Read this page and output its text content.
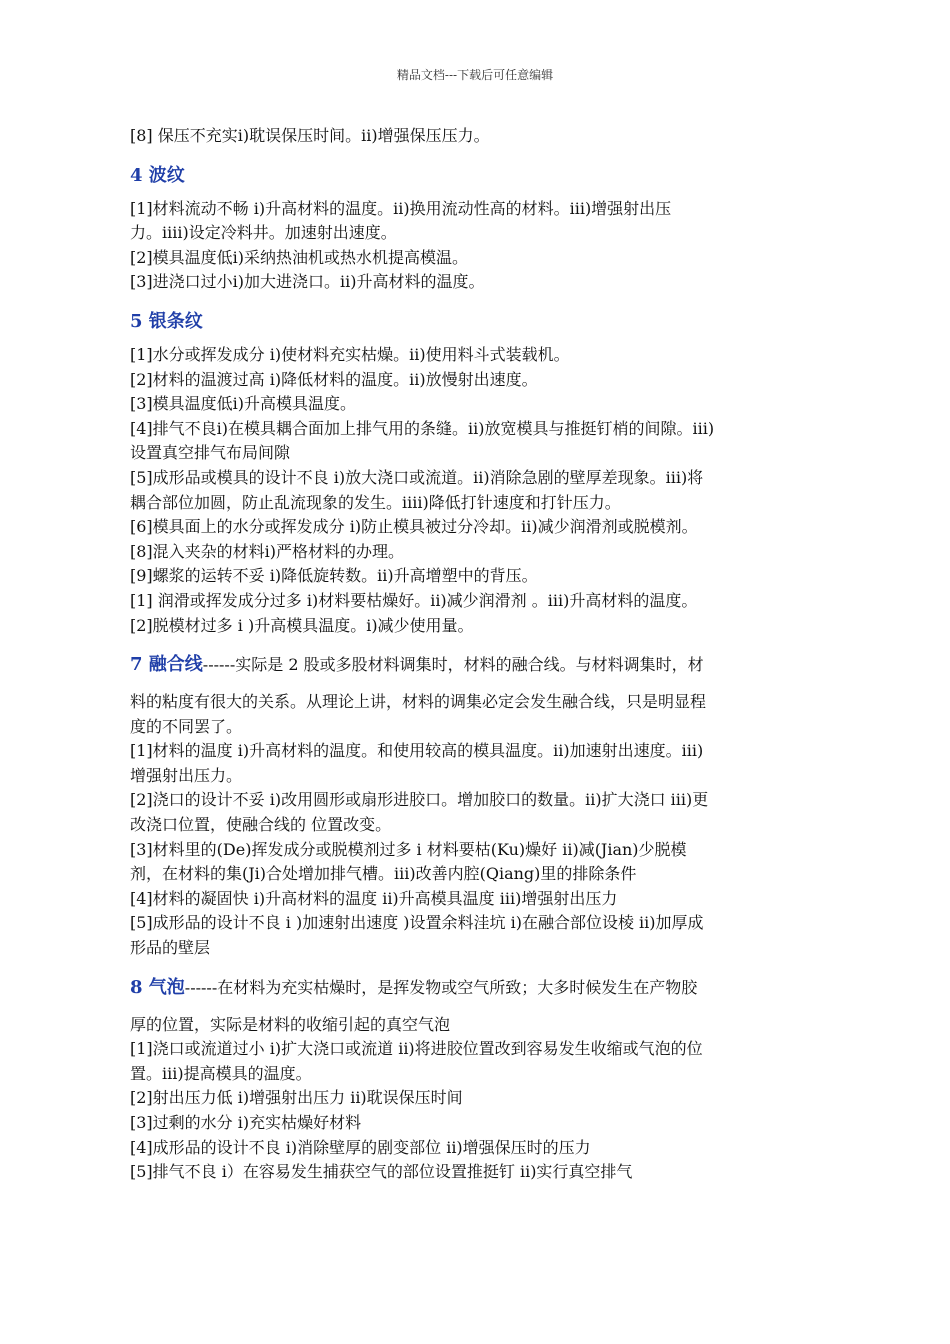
精品文档---下载后可任意编辑
[8] 保压不充实i)耽误保压时间。ii)增强保压压力。
4 波纹
[1]材料流动不畅 i)升高材料的温度。ii)换用流动性高的材料。iii)增强射出压
力。iiii)设定冷料井。加速射出速度。
[2]模具温度低i)采纳热油机或热水机提高模温。
[3]进浇口过小i)加大进浇口。ii)升高材料的温度。
5 银条纹
[1]水分或挥发成分 i)使材料充实枯燥。ii)使用料斗式装载机。
[2]材料的温渡过高 i)降低材料的温度。ii)放慢射出速度。
[3]模具温度低i)升高模具温度。
[4]排气不良i)在模具耦合面加上排气用的条缝。ii)放宽模具与推挺钉梢的间隙。iii)
设置真空排气布局间隙
[5]成形品或模具的设计不良 i)放大浇口或流道。ii)消除急剧的壁厚差现象。iii)将
耦合部位加圆，防止乱流现象的发生。iiii)降低打针速度和打针压力。
[6]模具面上的水分或挥发成分 i)防止模具被过分冷却。ii)减少润滑剂或脱模剂。
[8]混入夹杂的材料i)严格材料的办理。
[9]螺浆的运转不妥 i)降低旋转数。ii)升高增塑中的背压。
[1] 润滑或挥发成分过多 i)材料要枯燥好。ii)减少润滑剂 。iii)升高材料的温度。
[2]脱模材过多 i )升高模具温度。i)减少使用量。
7 融合线------实际是 2 股或多股材料调集时，材料的融合线。与材料调集时，材
料的粘度有很大的关系。从理论上讲，材料的调集必定会发生融合线，只是明显程
度的不同罢了。
[1]材料的温度 i)升高材料的温度。和使用较高的模具温度。ii)加速射出速度。iii)
增强射出压力。
[2]浇口的设计不妥 i)改用圆形或扇形进胶口。增加胶口的数量。ii)扩大浇口 iii)更
改浇口位置，使融合线的 位置改变。
[3]材料里的(De)挥发成分或脱模剂过多 i 材料要枯(Ku)燥好 ii)减(Jian)少脱模
剂，在材料的集(Ji)合处增加排气槽。iii)改善内腔(Qiang)里的排除条件
[4]材料的凝固快 i)升高材料的温度 ii)升高模具温度 iii)增强射出压力
[5]成形品的设计不良 i )加速射出速度 )设置余料洼坑 i)在融合部位设棱 ii)加厚成
形品的壁层
8 气泡------在材料为充实枯燥时，是挥发物或空气所致；大多时候发生在产物胶
厚的位置，实际是材料的收缩引起的真空气泡
[1]浇口或流道过小 i)扩大浇口或流道 ii)将进胶位置改到容易发生收缩或气泡的位
置。iii)提高模具的温度。
[2]射出压力低 i)增强射出压力 ii)耽误保压时间
[3]过剩的水分 i)充实枯燥好材料
[4]成形品的设计不良 i)消除壁厚的剧变部位 ii)增强保压时的压力
[5]排气不良 i）在容易发生捕获空气的部位设置推挺钉 ii)实行真空排气
